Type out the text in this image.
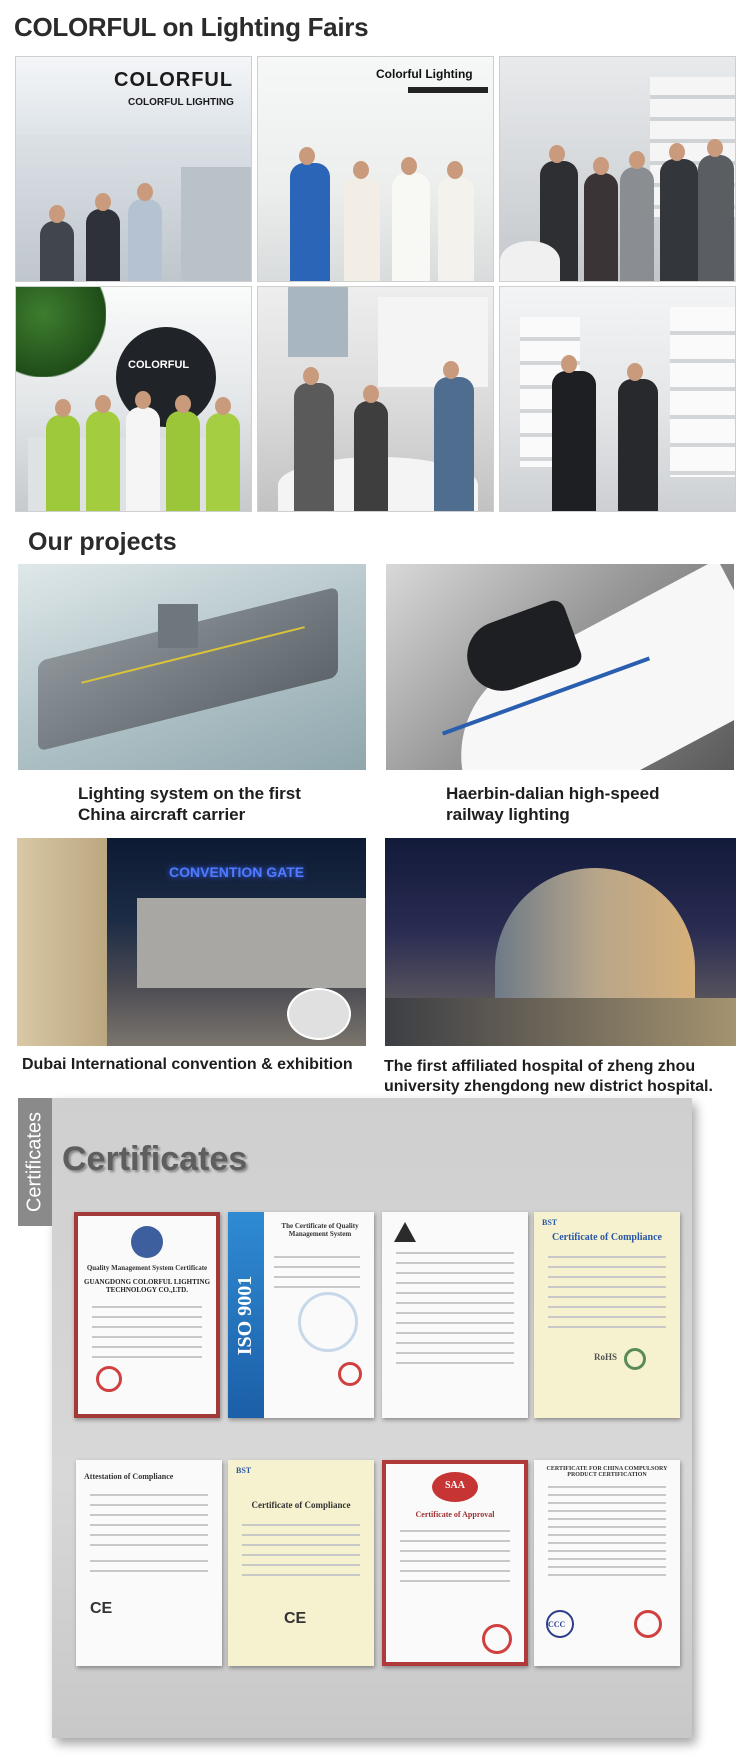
COLORFUL on Lighting Fairs
COLORFUL
COLORFUL LIGHTING
Colorful Lighting
COLORFUL
Our projects
Lighting system on the first
China aircraft carrier
Haerbin-dalian high-speed
railway lighting
CONVENTION GATE
Dubai International convention & exhibition	The first affiliated hospital of zheng zhou
university zhengdong new district hospital.
Certificates Certificates
Quality Management System Certificate
GUANGDONG COLORFUL LIGHTING TECHNOLOGY CO.,LTD.	ISO 9001
The Certificate of Quality Management System
BST
Certificate of Compliance
RoHS
Attestation of Compliance
CE
BST
Certificate of Compliance
CE
SAA
Certificate of Approval
CERTIFICATE FOR CHINA COMPULSORY PRODUCT CERTIFICATION
CCC
